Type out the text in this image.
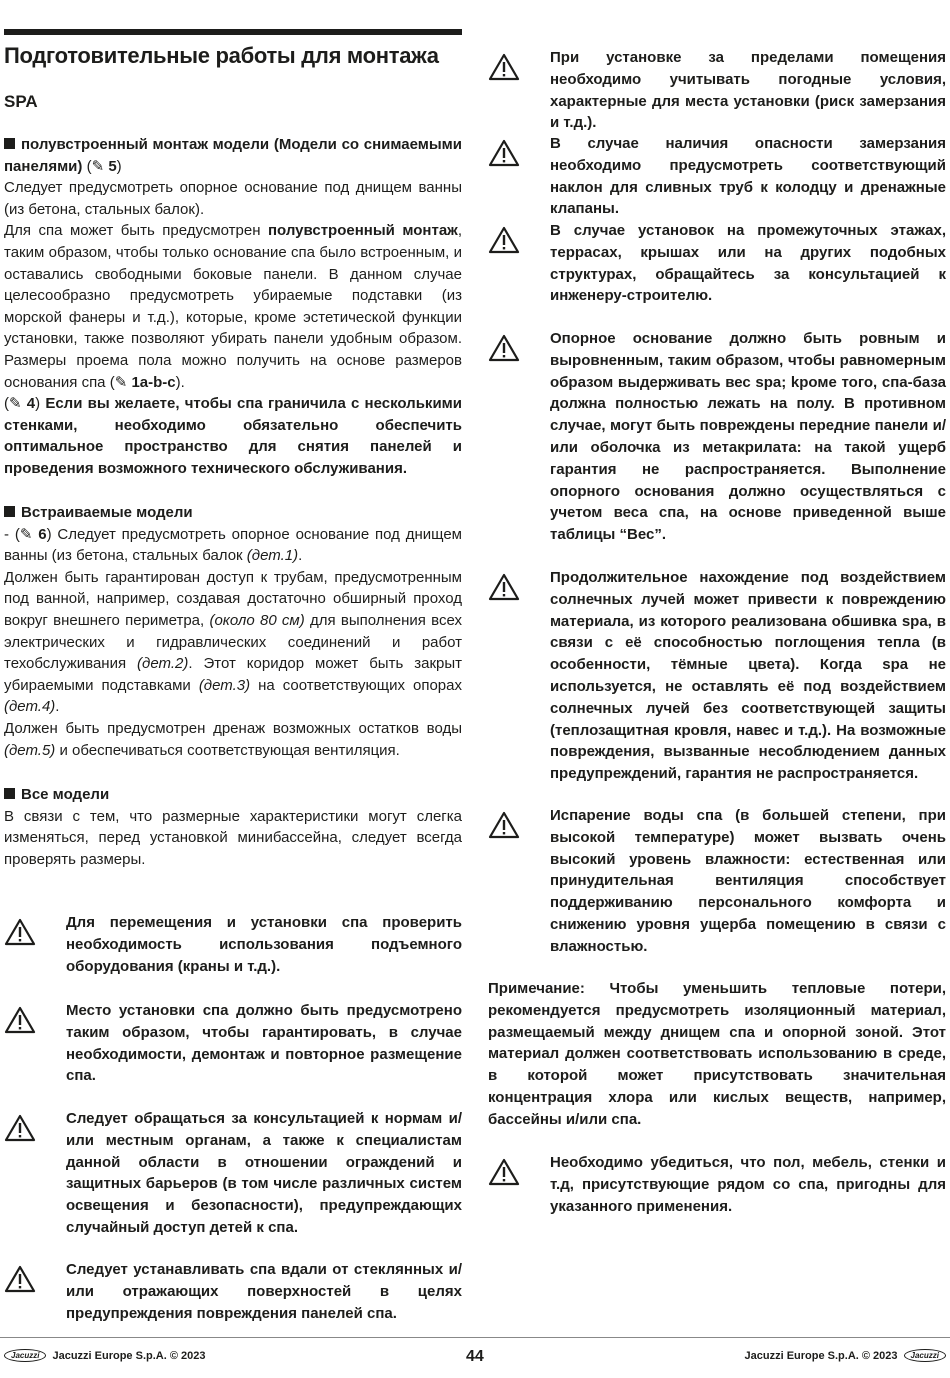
Подготовительные работы для монтажа
SPA

полувстроенный монтаж модели (Модели со снимаемыми панелями) (✎ 5)

Следует предусмотреть опорное основание под днищем ванны (из бетона, стальных балок).

Для спа может быть предусмотрен полувстроенный монтаж, таким образом, чтобы только основание спа было встроенным, и оставались свободными боковые панели. В данном случае целесообразно предусмотреть убираемые подставки (из морской фанеры и т.д.), которые, кроме эстетической функции установки, также позволяют убирать панели удобным образом. Размеры проема пола можно получить на основе размеров основания спа (✎ 1a-b-c).

(✎ 4) Если вы желаете, чтобы спа граничила с несколькими стенками, необходимо обязательно обеспечить оптимальное пространство для снятия панелей и проведения возможного технического обслуживания.

Встраиваемые модели

- (✎ 6) Следует предусмотреть опорное основание под днищем ванны (из бетона, стальных балок (дет.1).

Должен быть гарантирован доступ к трубам, предусмотренным под ванной, например, создавая достаточно обширный проход вокруг внешнего периметра, (около 80 см) для выполнения всех электрических и гидравлических соединений и работ техобслуживания (дет.2). Этот коридор может быть закрыт убираемыми подставками (дет.3) на соответствующих опорах (дет.4).

Должен быть предусмотрен дренаж возможных остатков воды (дет.5) и обеспечиваться соответствующая вентиляция.

Все модели

В связи с тем, что размерные характеристики могут слегка изменяться, перед установкой минибассейна, следует всегда проверять размеры.

Для перемещения и установки спа проверить необходимость использования подъемного оборудования (краны и т.д.).

Место установки спа должно быть предусмотрено таким образом, чтобы гарантировать, в случае необходимости, демонтаж и повторное размещение спа.

Следует обращаться за консультацией к нормам и/или местным органам, а также к специалистам данной области в отношении ограждений и защитных барьеров (в том числе различных систем освещения и безопасности), предупреждающих случайный доступ детей к спа.

Следует устанавливать спа вдали от стеклянных и/или отражающих поверхностей в целях предупреждения повреждения панелей спа.

При установке за пределами помещения необходимо учитывать погодные условия, характерные для места установки (риск замерзания и т.д.).

В случае наличия опасности замерзания необходимо предусмотреть соответствующий наклон для сливных труб к колодцу и дренажные клапаны.

В случае установок на промежуточных этажах, террасах, крышах или на других подобных структурах, обращайтесь за консультацией к инженеру-строителю.

Опорное основание должно быть ровным и выровненным, таким образом, чтобы равномерным образом выдерживать вес spa; kроме того, спа-база должна полностью лежать на полу. В противном случае, могут быть повреждены передние панели и/или оболочка из метакрилата: на такой ущерб гарантия не распространяется. Выполнение опорного основания должно осуществляться с учетом веса спа, на основе приведенной выше таблицы “Вес”.

Продолжительное нахождение под воздействием солнечных лучей может привести к повреждению материала, из которого реализована обшивка spa, в связи с её способностью поглощения тепла (в особенности, тёмные цвета). Когда spa не используется, не оставлять её под воздействием солнечных лучей без соответствующей защиты (теплозащитная кровля, навес и т.д.). На возможные повреждения, вызванные несоблюдением данных предупреждений, гарантия не распространяется.

Испарение воды спа (в большей степени, при высокой температуре) может вызвать очень высокий уровень влажности: естественная или принудительная вентиляция способствует поддерживанию персонального комфорта и снижению уровня ущерба помещению в связи с влажностью.

Примечание: Чтобы уменьшить тепловые потери, рекомендуется предусмотреть изоляционный материал, размещаемый между днищем спа и опорной зоной. Этот материал должен соответствовать использованию в среде, в которой может присутствовать значительная концентрация хлора или кислых веществ, например, бассейны и/или спа.

Необходимо убедиться, что пол, мебель, стенки и т.д, присутствующие рядом со спа, пригодны для указанного применения.

Jacuzzi Jacuzzi Europe S.p.A. © 2023	44	Jacuzzi Europe S.p.A. © 2023 Jacuzzi
